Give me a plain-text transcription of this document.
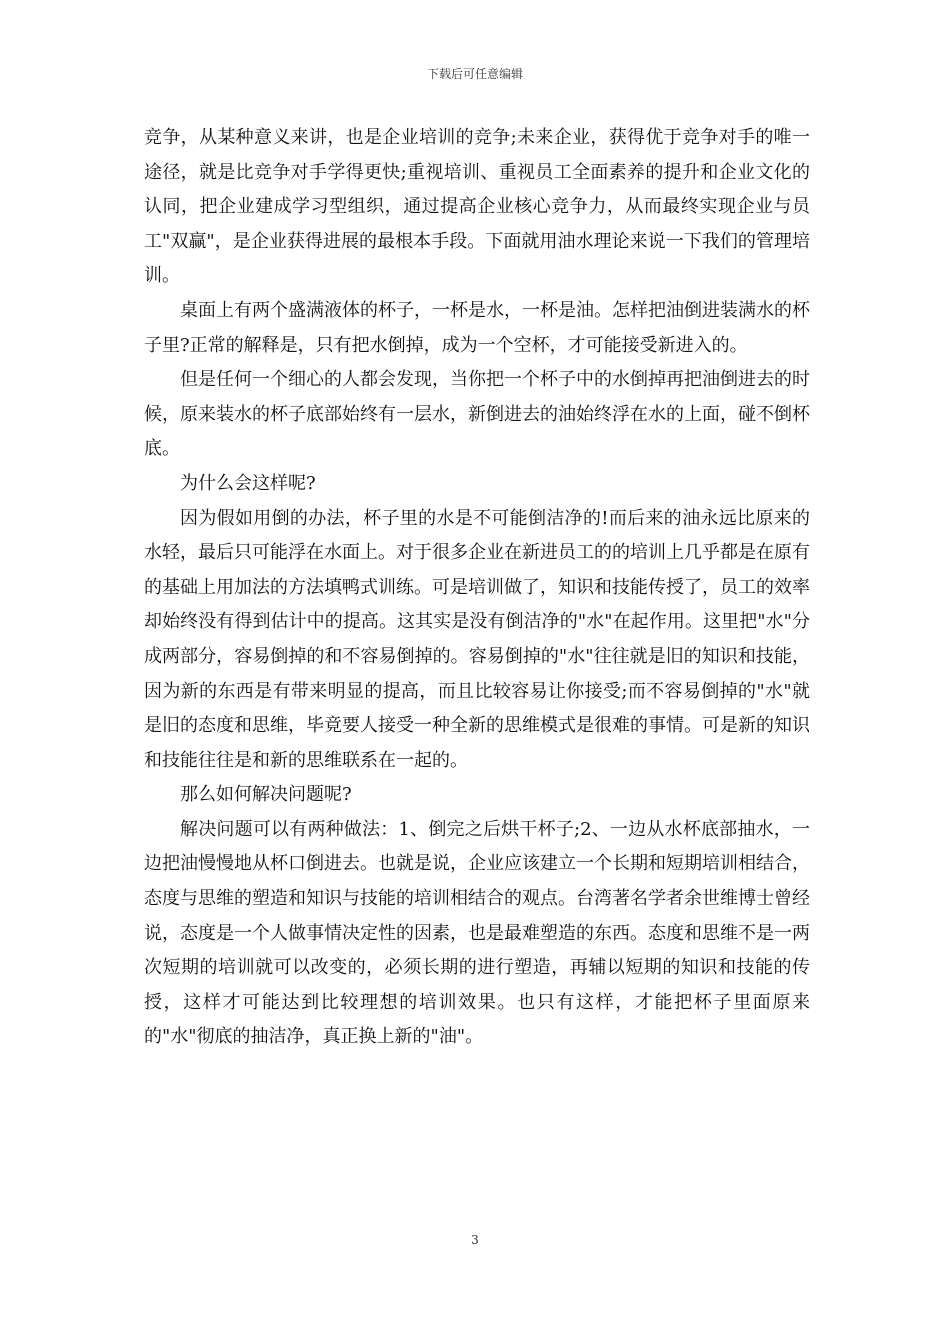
下载后可任意编辑

竞争，从某种意义来讲，也是企业培训的竞争;未来企业，获得优于竞争对手的唯一途径，就是比竞争对手学得更快;重视培训、重视员工全面素养的提升和企业文化的认同，把企业建成学习型组织，通过提高企业核心竞争力，从而最终实现企业与员工"双赢"，是企业获得进展的最根本手段。下面就用油水理论来说一下我们的管理培训。

桌面上有两个盛满液体的杯子，一杯是水，一杯是油。怎样把油倒进装满水的杯子里?正常的解释是，只有把水倒掉，成为一个空杯，才可能接受新进入的。

但是任何一个细心的人都会发现，当你把一个杯子中的水倒掉再把油倒进去的时候，原来装水的杯子底部始终有一层水，新倒进去的油始终浮在水的上面，碰不倒杯底。

为什么会这样呢?

因为假如用倒的办法，杯子里的水是不可能倒洁净的!而后来的油永远比原来的水轻，最后只可能浮在水面上。对于很多企业在新进员工的的培训上几乎都是在原有的基础上用加法的方法填鸭式训练。可是培训做了，知识和技能传授了，员工的效率却始终没有得到估计中的提高。这其实是没有倒洁净的"水"在起作用。这里把"水"分成两部分，容易倒掉的和不容易倒掉的。容易倒掉的"水"往往就是旧的知识和技能，因为新的东西是有带来明显的提高，而且比较容易让你接受;而不容易倒掉的"水"就是旧的态度和思维，毕竟要人接受一种全新的思维模式是很难的事情。可是新的知识和技能往往是和新的思维联系在一起的。

那么如何解决问题呢?

解决问题可以有两种做法：1、倒完之后烘干杯子;2、一边从水杯底部抽水，一边把油慢慢地从杯口倒进去。也就是说，企业应该建立一个长期和短期培训相结合，态度与思维的塑造和知识与技能的培训相结合的观点。台湾著名学者余世维博士曾经说，态度是一个人做事情决定性的因素，也是最难塑造的东西。态度和思维不是一两次短期的培训就可以改变的，必须长期的进行塑造，再辅以短期的知识和技能的传授，这样才可能达到比较理想的培训效果。也只有这样，才能把杯子里面原来的"水"彻底的抽洁净，真正换上新的"油"。

3
